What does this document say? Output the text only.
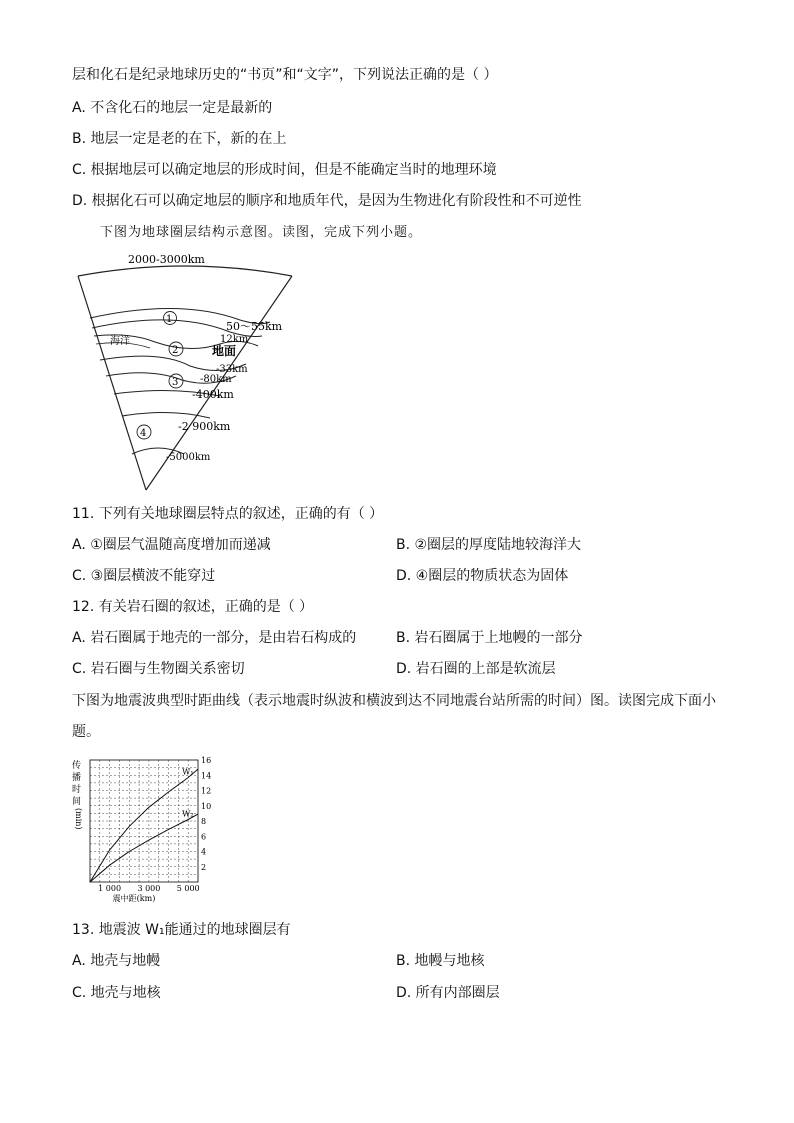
层和化石是纪录地球历史的“书页”和“文字”，下列说法正确的是（ ）
A. 不含化石的地层一定是最新的
B. 地层一定是老的在下，新的在上
C. 根据地层可以确定地层的形成时间，但是不能确定当时的地理环境
D. 根据化石可以确定地层的顺序和地质年代，是因为生物进化有阶段性和不可逆性
下图为地球圈层结构示意图。读图，完成下列小题。
2000-3000km
1
海洋
2
3
4
50～55km
12km
地面
-33km
-80km
-400km
-2 900km
-5000km
11. 下列有关地球圈层特点的叙述，正确的有（ ）
A. ①圈层气温随高度增加而递减	B. ②圈层的厚度陆地较海洋大
C. ③圈层横波不能穿过	D. ④圈层的物质状态为固体
12. 有关岩石圈的叙述，正确的是（ ）
A. 岩石圈属于地壳的一部分，是由岩石构成的	B. 岩石圈属于上地幔的一部分
C. 岩石圈与生物圈关系密切	D. 岩石圈的上部是软流层
下图为地震波典型时距曲线（表示地震时纵波和横波到达不同地震台站所需的时间）图。读图完成下面小
题。
传
播
时
间
(min)
W₁
W₂
2
4
6
8
10
12
14
16
1 000 3 000 5 000
震中距(km)
13. 地震波 W₁能通过的地球圈层有
A. 地壳与地幔	B. 地幔与地核
C. 地壳与地核	D. 所有内部圈层
